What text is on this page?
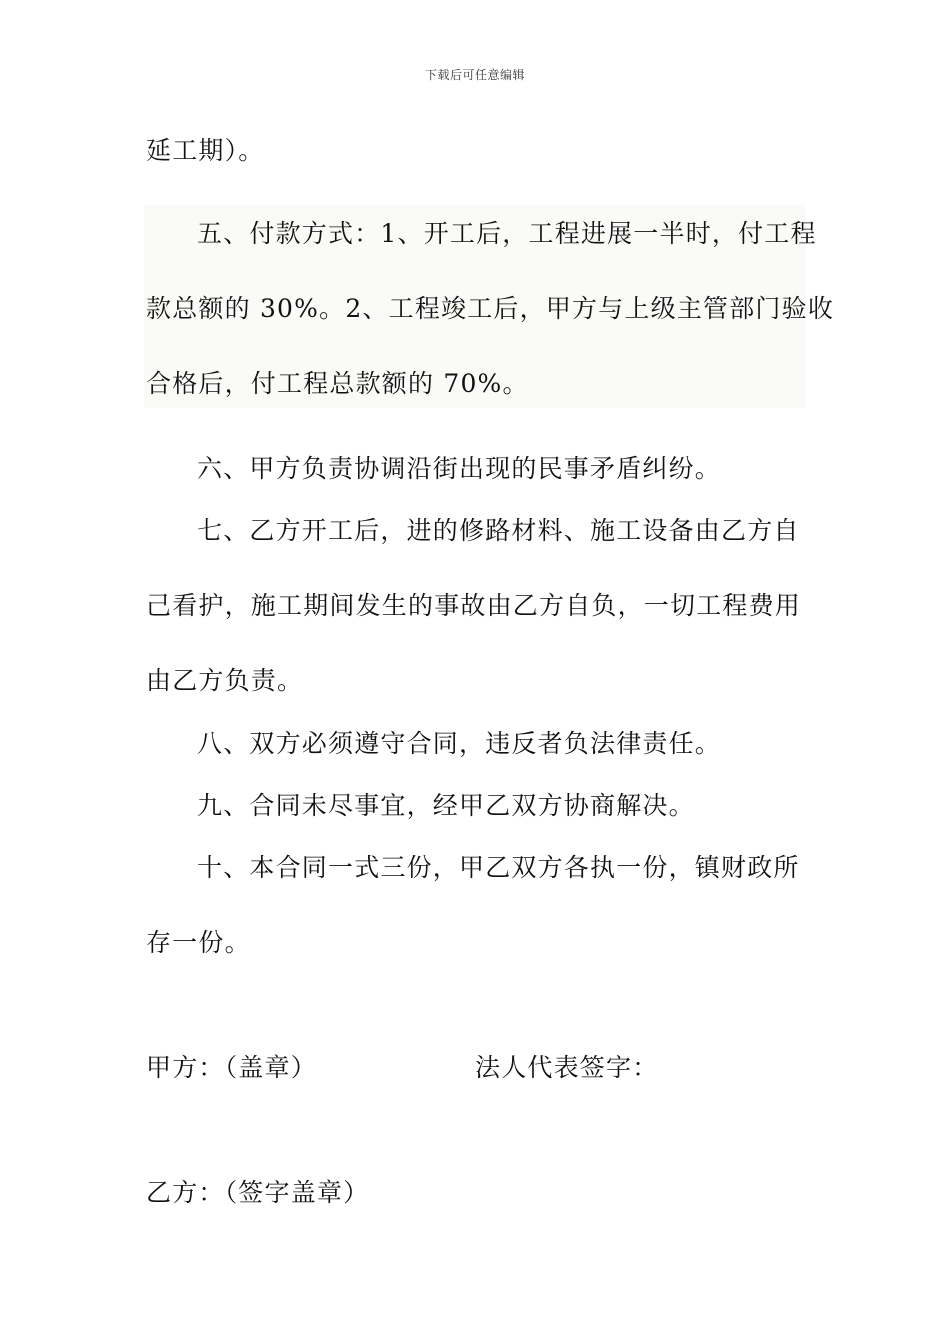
下载后可任意编辑
延工期）。
五、付款方式：1、开工后，工程进展一半时，付工程
款总额的 30%。2、工程竣工后，甲方与上级主管部门验收
合格后，付工程总款额的 70%。
六、甲方负责协调沿街出现的民事矛盾纠纷。
七、乙方开工后，进的修路材料、施工设备由乙方自
己看护，施工期间发生的事故由乙方自负，一切工程费用
由乙方负责。
八、双方必须遵守合同，违反者负法律责任。
九、合同未尽事宜，经甲乙双方协商解决。
十、本合同一式三份，甲乙双方各执一份，镇财政所
存一份。
甲方：（盖章）	法人代表签字：
乙方：（签字盖章）
